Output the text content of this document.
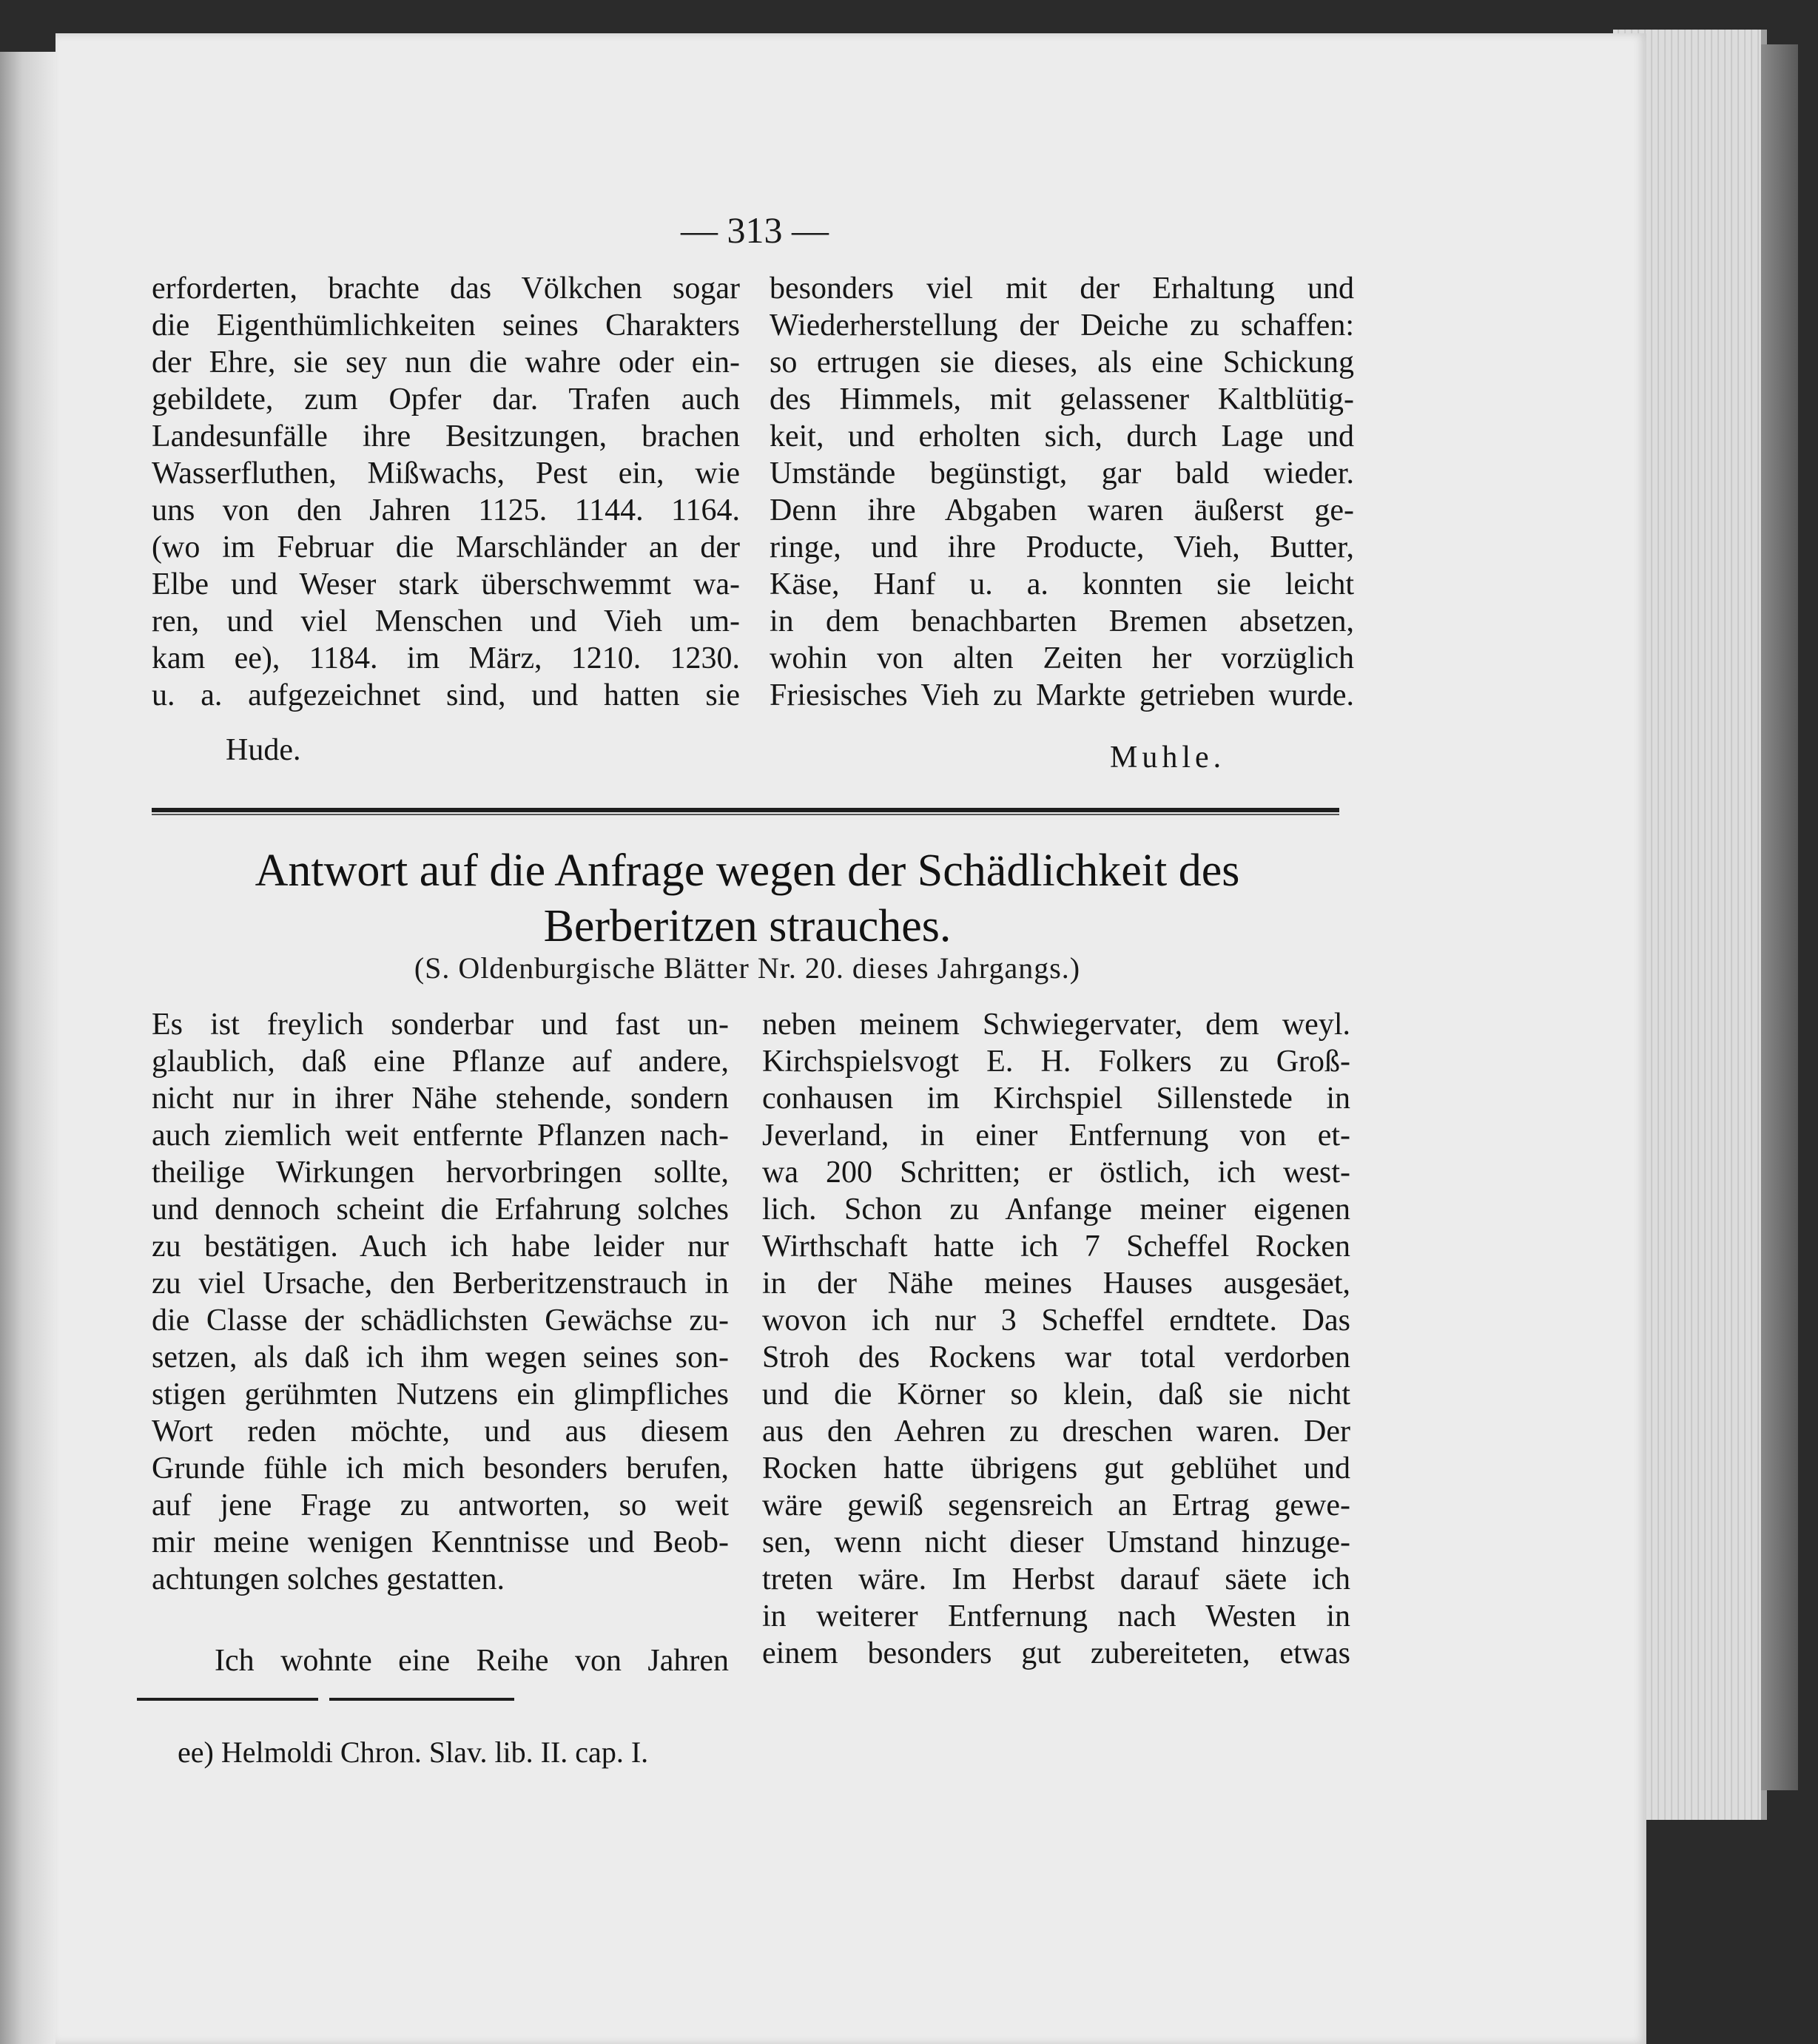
— 313 —
erforderten, brachte das Völkchen sogar
die Eigenthümlichkeiten seines Charakters
der Ehre, sie sey nun die wahre oder ein-
gebildete, zum Opfer dar. Trafen auch
Landesunfälle ihre Besitzungen, brachen
Wasserfluthen, Mißwachs, Pest ein, wie
uns von den Jahren 1125. 1144. 1164.
(wo im Februar die Marschländer an der
Elbe und Weser stark überschwemmt wa-
ren, und viel Menschen und Vieh um-
kam ee), 1184. im März, 1210. 1230.
u. a. aufgezeichnet sind, und hatten sie
Hude.
besonders viel mit der Erhaltung und
Wiederherstellung der Deiche zu schaffen:
so ertrugen sie dieses, als eine Schickung
des Himmels, mit gelassener Kaltblütig-
keit, und erholten sich, durch Lage und
Umstände begünstigt, gar bald wieder.
Denn ihre Abgaben waren äußerst ge-
ringe, und ihre Producte, Vieh, Butter,
Käse, Hanf u. a. konnten sie leicht
in dem benachbarten Bremen absetzen,
wohin von alten Zeiten her vorzüglich
Friesisches Vieh zu Markte getrieben wurde.
Muhle.
Antwort auf die Anfrage wegen der Schädlichkeit des Berberitzen strauches.
(S. Oldenburgische Blätter Nr. 20. dieses Jahrgangs.)
Es ist freylich sonderbar und fast un-
glaublich, daß eine Pflanze auf andere,
nicht nur in ihrer Nähe stehende, sondern
auch ziemlich weit entfernte Pflanzen nach-
theilige Wirkungen hervorbringen sollte,
und dennoch scheint die Erfahrung solches
zu bestätigen. Auch ich habe leider nur
zu viel Ursache, den Berberitzenstrauch in
die Classe der schädlichsten Gewächse zu-
setzen, als daß ich ihm wegen seines son-
stigen gerühmten Nutzens ein glimpfliches
Wort reden möchte, und aus diesem
Grunde fühle ich mich besonders berufen,
auf jene Frage zu antworten, so weit
mir meine wenigen Kenntnisse und Beob-
achtungen solches gestatten.
Ich wohnte eine Reihe von Jahren
neben meinem Schwiegervater, dem weyl.
Kirchspielsvogt E. H. Folkers zu Groß-
conhausen im Kirchspiel Sillenstede in
Jeverland, in einer Entfernung von et-
wa 200 Schritten; er östlich, ich west-
lich. Schon zu Anfange meiner eigenen
Wirthschaft hatte ich 7 Scheffel Rocken
in der Nähe meines Hauses ausgesäet,
wovon ich nur 3 Scheffel erndtete. Das
Stroh des Rockens war total verdorben
und die Körner so klein, daß sie nicht
aus den Aehren zu dreschen waren. Der
Rocken hatte übrigens gut geblühet und
wäre gewiß segensreich an Ertrag gewe-
sen, wenn nicht dieser Umstand hinzuge-
treten wäre. Im Herbst darauf säete ich
in weiterer Entfernung nach Westen in
einem besonders gut zubereiteten, etwas
ee) Helmoldi Chron. Slav. lib. II. cap. I.
